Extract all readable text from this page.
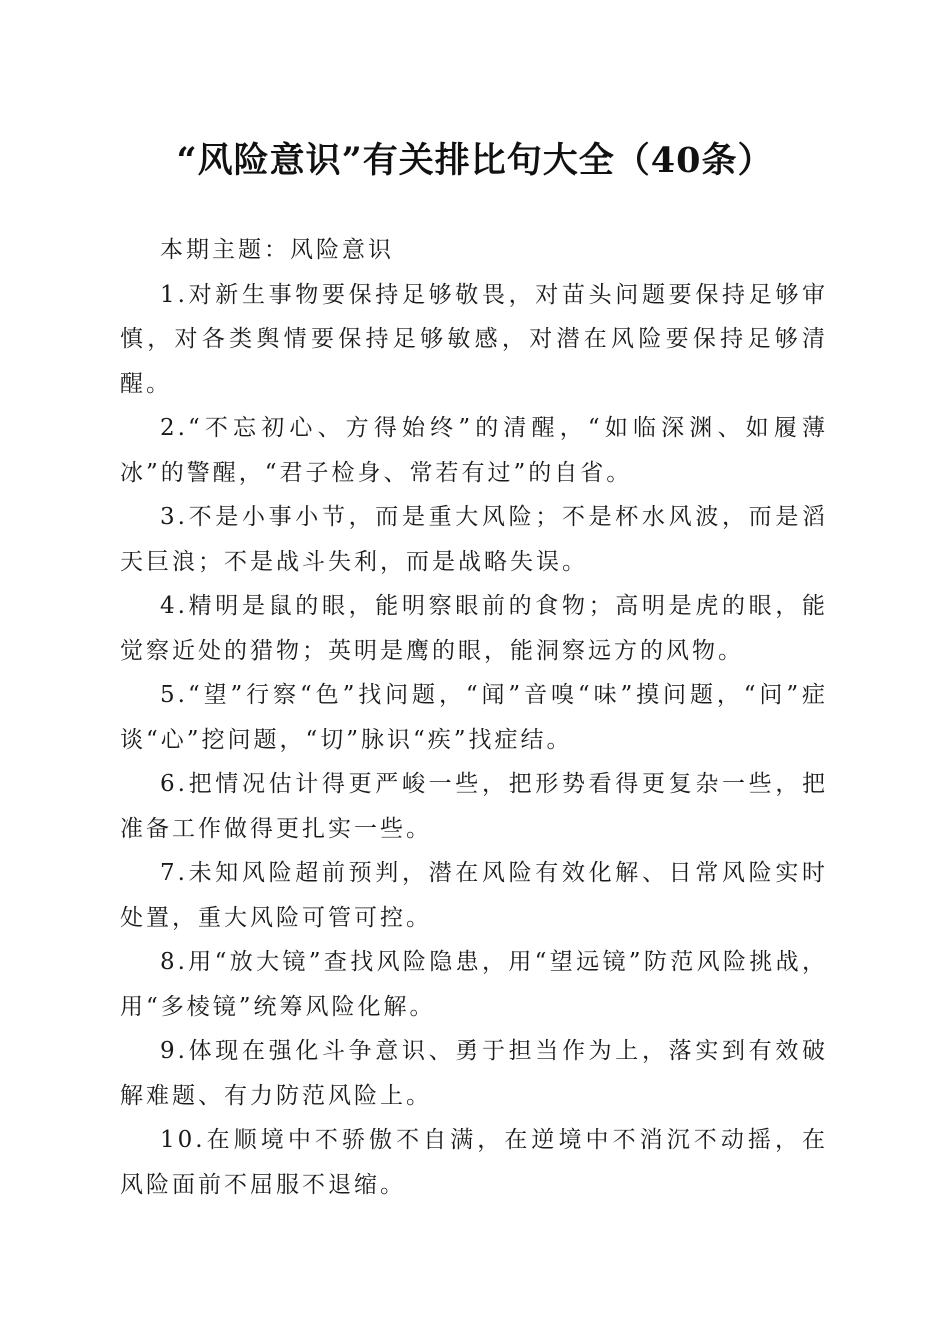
“风险意识”有关排比句大全（40条）

本期主题：风险意识

1.对新生事物要保持足够敬畏，对苗头问题要保持足够审慎，对各类舆情要保持足够敏感，对潜在风险要保持足够清醒。

2.“不忘初心、方得始终”的清醒，“如临深渊、如履薄冰”的警醒，“君子检身、常若有过”的自省。

3.不是小事小节，而是重大风险；不是杯水风波，而是滔天巨浪；不是战斗失利，而是战略失误。

4.精明是鼠的眼，能明察眼前的食物；高明是虎的眼，能觉察近处的猎物；英明是鹰的眼，能洞察远方的风物。

5.“望”行察“色”找问题，“闻”音嗅“味”摸问题，“问”症谈“心”挖问题，“切”脉识“疾”找症结。

6.把情况估计得更严峻一些，把形势看得更复杂一些，把准备工作做得更扎实一些。

7.未知风险超前预判，潜在风险有效化解、日常风险实时处置，重大风险可管可控。

8.用“放大镜”查找风险隐患，用“望远镜”防范风险挑战，用“多棱镜”统筹风险化解。

9.体现在强化斗争意识、勇于担当作为上，落实到有效破解难题、有力防范风险上。

10.在顺境中不骄傲不自满，在逆境中不消沉不动摇，在风险面前不屈服不退缩。
